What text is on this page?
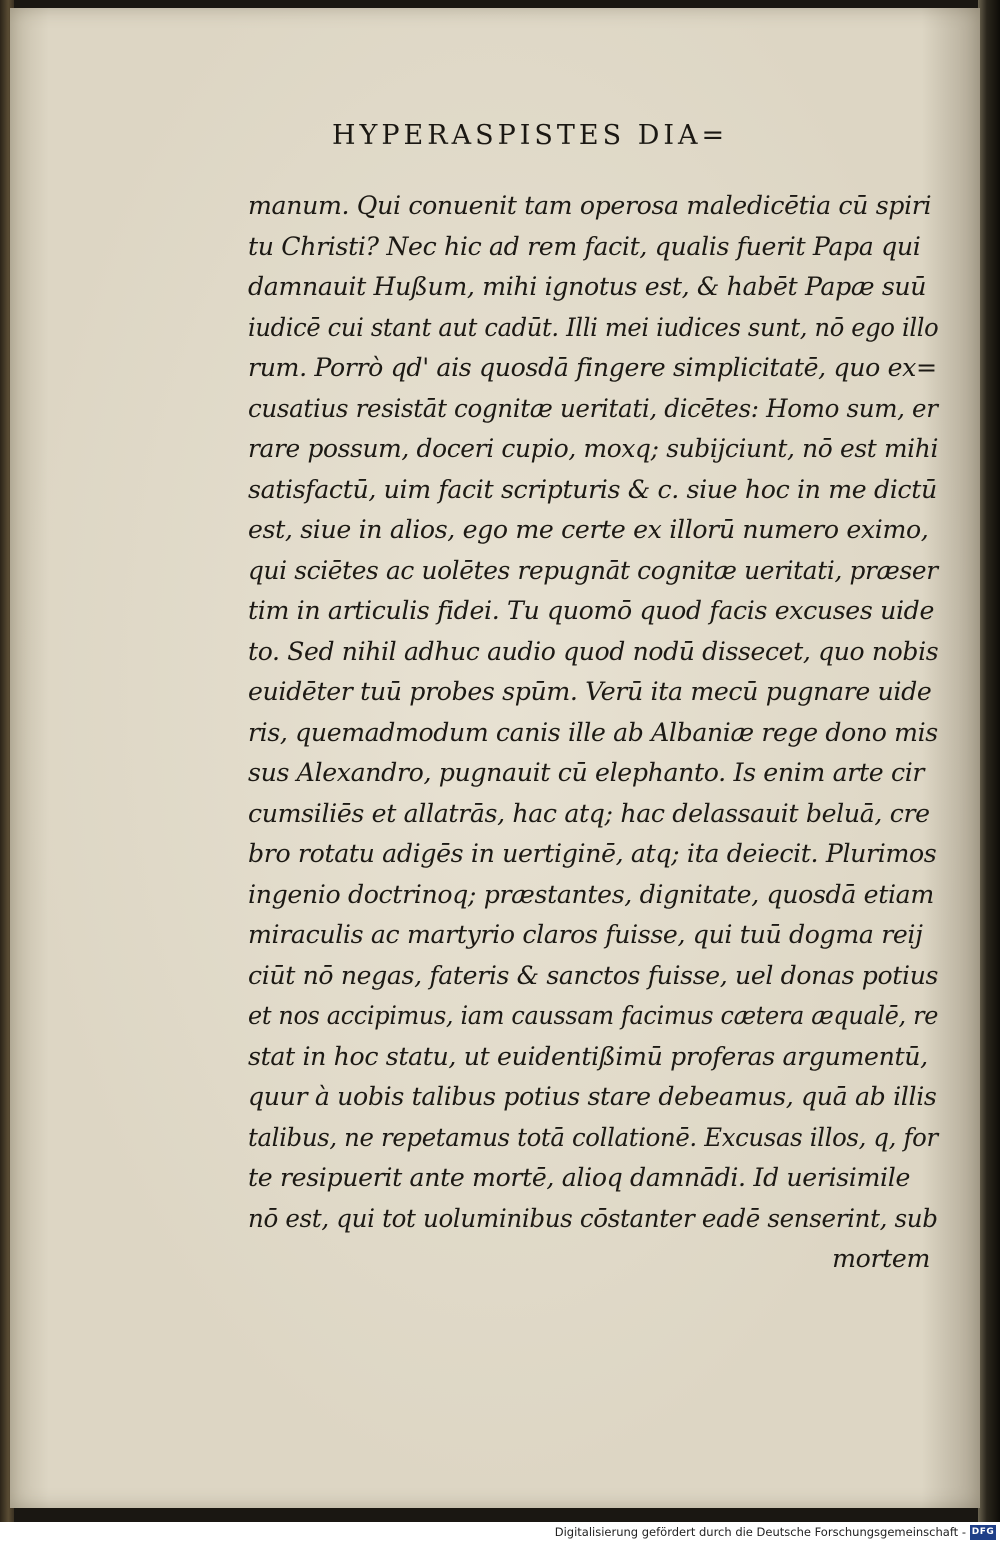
HYPERASPISTES DIA=
manum. Qui conuenit tam operosa maledicētia cū spiri
tu Christi? Nec hic ad rem facit, qualis fuerit Papa qui
damnauit Hußum, mihi ignotus est, & habēt Papæ suū
iudicē cui stant aut cadūt. Illi mei iudices sunt, nō ego illo
rum. Porrò qd' ais quosdā fingere simplicitatē, quo ex=
cusatius resistāt cognitæ ueritati, dicētes: Homo sum, er
rare possum, doceri cupio, moxq; subijciunt, nō est mihi
satisfactū, uim facit scripturis & c. siue hoc in me dictū
est, siue in alios, ego me certe ex illorū numero eximo,
qui sciētes ac uolētes repugnāt cognitæ ueritati, præser
tim in articulis fidei. Tu quomō quod facis excuses uide
to. Sed nihil adhuc audio quod nodū dissecet, quo nobis
euidēter tuū probes spūm. Verū ita mecū pugnare uide
ris, quemadmodum canis ille ab Albaniæ rege dono mis
sus Alexandro, pugnauit cū elephanto. Is enim arte cir
cumsiliēs et allatrās, hac atq; hac delassauit beluā, cre
bro rotatu adigēs in uertiginē, atq; ita deiecit. Plurimos
ingenio doctrinoq; præstantes, dignitate, quosdā etiam
miraculis ac martyrio claros fuisse, qui tuū dogma reij
ciūt nō negas, fateris & sanctos fuisse, uel donas potius
et nos accipimus, iam caussam facimus cætera æqualē, re
stat in hoc statu, ut euidentißimū proferas argumentū,
quur à uobis talibus potius stare debeamus, quā ab illis
talibus, ne repetamus totā collationē. Excusas illos, q, for
te resipuerit ante mortē, alioq damnādi. Id uerisimile
nō est, qui tot uoluminibus cōstanter eadē senserint, sub
mortem
Digitalisierung gefördert durch die Deutsche Forschungsgemeinschaft - DFG
